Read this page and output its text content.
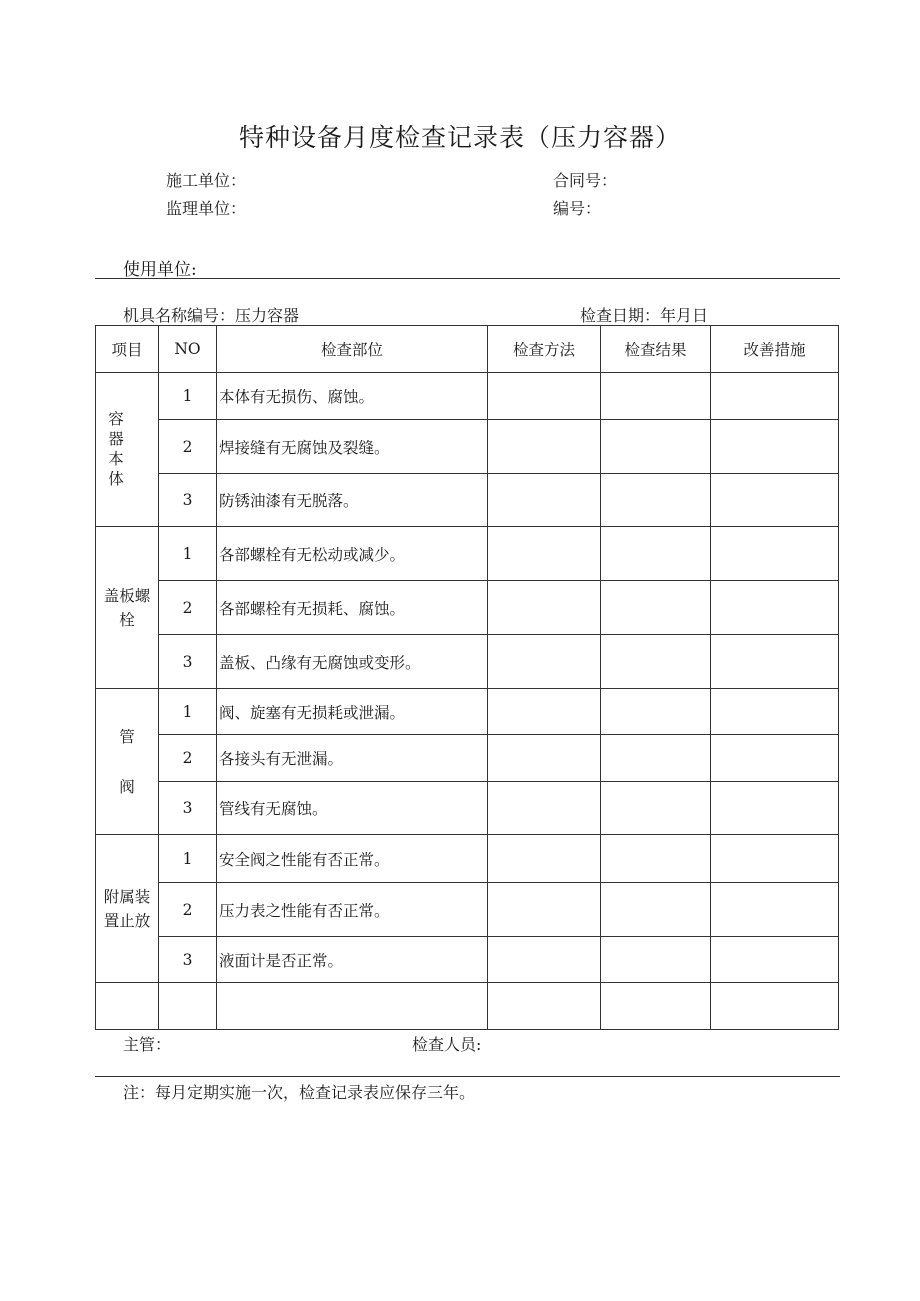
特种设备月度检查记录表（压力容器）
施工单位：	合同号：
监理单位：	编号：
使用单位:
机具名称编号：压力容器	检查日期：年月日
项目	NO	检查部位	检查方法	检查结果	改善措施
容器本体	1	本体有无损伤、腐蚀。			
	2	焊接缝有无腐蚀及裂缝。			
	3	防锈油漆有无脱落。			
盖板螺栓	1	各部螺栓有无松动或减少。			
	2	各部螺栓有无损耗、腐蚀。			
	3	盖板、凸缘有无腐蚀或变形。			
管阀	1	阀、旋塞有无损耗或泄漏。			
	2	各接头有无泄漏。			
	3	管线有无腐蚀。			
附属装置止放	1	安全阀之性能有否正常。			
	2	压力表之性能有否正常。			
	3	液面计是否正常。			

主管：	检查人员:
注：每月定期实施一次，检查记录表应保存三年。
